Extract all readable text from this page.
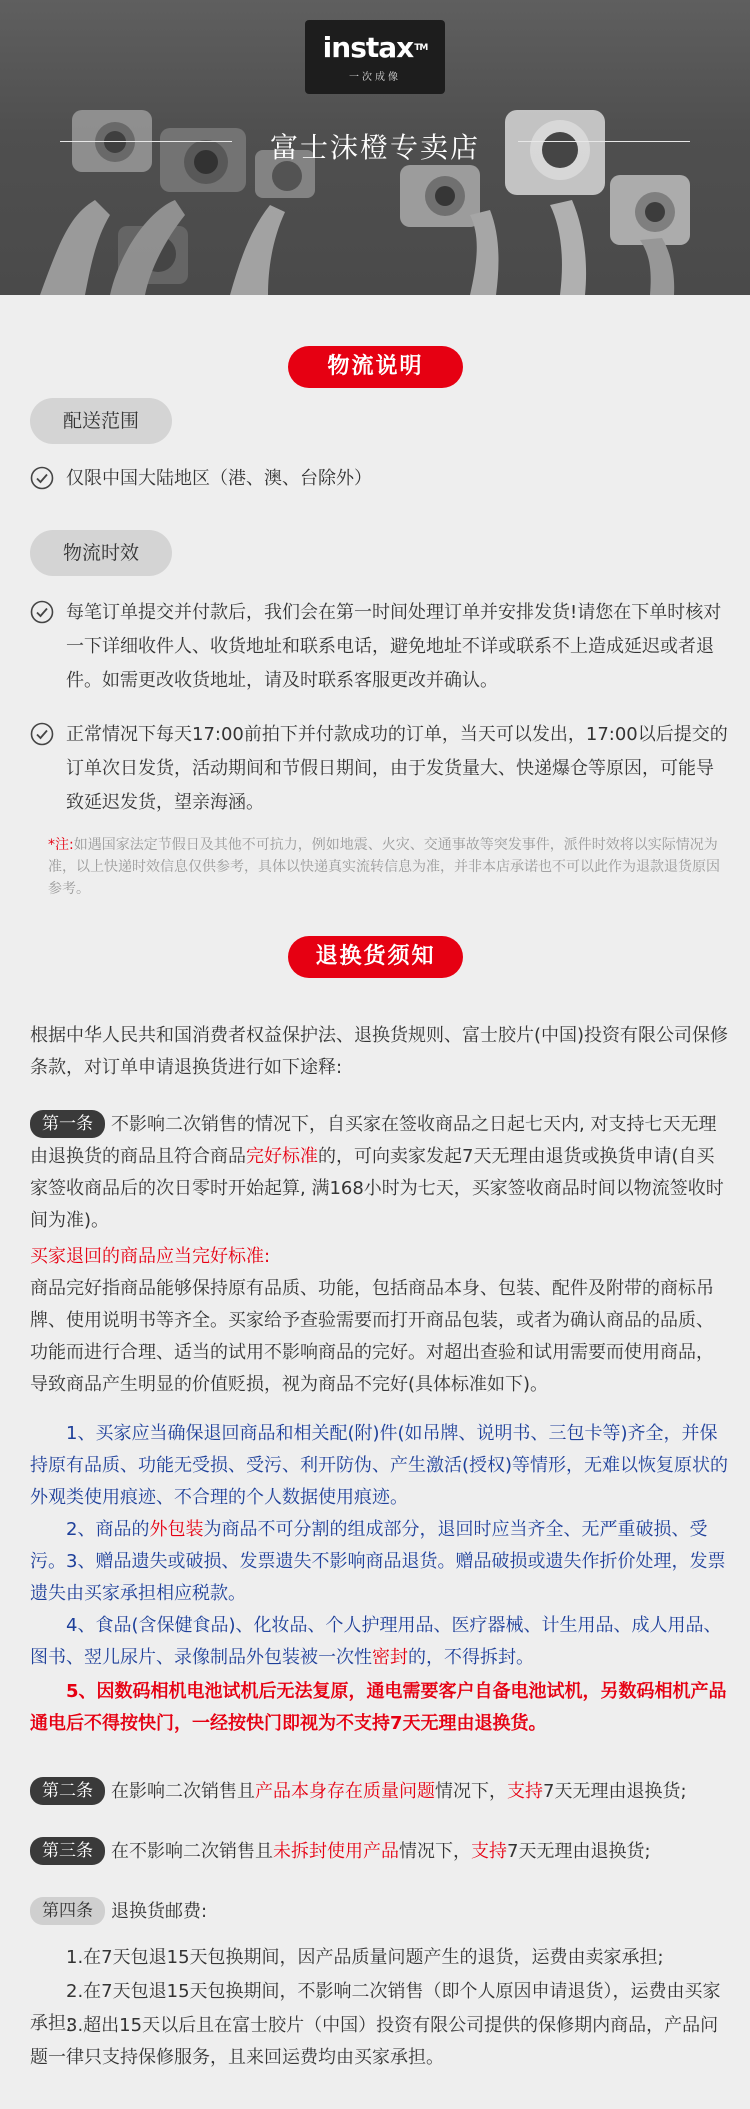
instax™
一次成像
富士沫橙专卖店
物流说明
配送范围
仅限中国大陆地区（港、澳、台除外）
物流时效
每笔订单提交并付款后，我们会在第一时间处理订单并安排发货!请您在下单时核对一下详细收件人、收货地址和联系电话，避免地址不详或联系不上造成延迟或者退件。如需更改收货地址，请及时联系客服更改并确认。
正常情况下每天17:00前拍下并付款成功的订单，当天可以发出，17:00以后提交的订单次日发货，活动期间和节假日期间，由于发货量大、快递爆仓等原因，可能导致延迟发货，望亲海涵。
*注:如遇国家法定节假日及其他不可抗力，例如地震、火灾、交通事故等突发事件，派件时效将以实际情况为准，以上快递时效信息仅供参考，具体以快递真实流转信息为准，并非本店承诺也不可以此作为退款退货原因参考。
退换货须知
根据中华人民共和国消费者权益保护法、退换货规则、富士胶片(中国)投资有限公司保修条款，对订单申请退换货进行如下途释:
第一条 不影响二次销售的情况下，自买家在签收商品之日起七天内, 对支持七天无理由退换货的商品且符合商品完好标准的，可向卖家发起7天无理由退货或换货申请(自买家签收商品后的次日零时开始起算, 满168小时为七天，买家签收商品时间以物流签收时间为准)。
买家退回的商品应当完好标准:
商品完好指商品能够保持原有品质、功能，包括商品本身、包装、配件及附带的商标吊牌、使用说明书等齐全。买家给予查验需要而打开商品包装，或者为确认商品的品质、功能而进行合理、适当的试用不影响商品的完好。对超出查验和试用需要而使用商品，导致商品产生明显的价值贬损，视为商品不完好(具体标准如下)。
1、买家应当确保退回商品和相关配(附)件(如吊牌、说明书、三包卡等)齐全，并保持原有品质、功能无受损、受污、利开防伪、产生激活(授权)等情形，无难以恢复原状的外观类使用痕迹、不合理的个人数据使用痕迹。
2、商品的外包装为商品不可分割的组成部分，退回时应当齐全、无严重破损、受污。 3、赠品遗失或破损、发票遗失不影响商品退货。赠品破损或遗失作折价处理，发票遗失由买家承担相应税款。
4、食品(含保健食品)、化妆品、个人护理用品、医疗器械、计生用品、成人用品、图书、翌儿尿片、录像制品外包装被一次性密封的，不得拆封。
5、因数码相机电池试机后无法复原，通电需要客户自备电池试机，另数码相机产品通电后不得按快门，一经按快门即视为不支持7天无理由退换货。
第二条 在影响二次销售且产品本身存在质量问题情况下，支持7天无理由退换货;
第三条 在不影响二次销售且未拆封使用产品情况下，支持7天无理由退换货;
第四条 退换货邮费:
1.在7天包退15天包换期间，因产品质量问题产生的退货，运费由卖家承担;
2.在7天包退15天包换期间，不影响二次销售（即个人原因申请退货），运费由买家承担;
3.超出15天以后且在富士胶片（中国）投资有限公司提供的保修期内商品，产品问题一律只支持保修服务，且来回运费均由买家承担。
